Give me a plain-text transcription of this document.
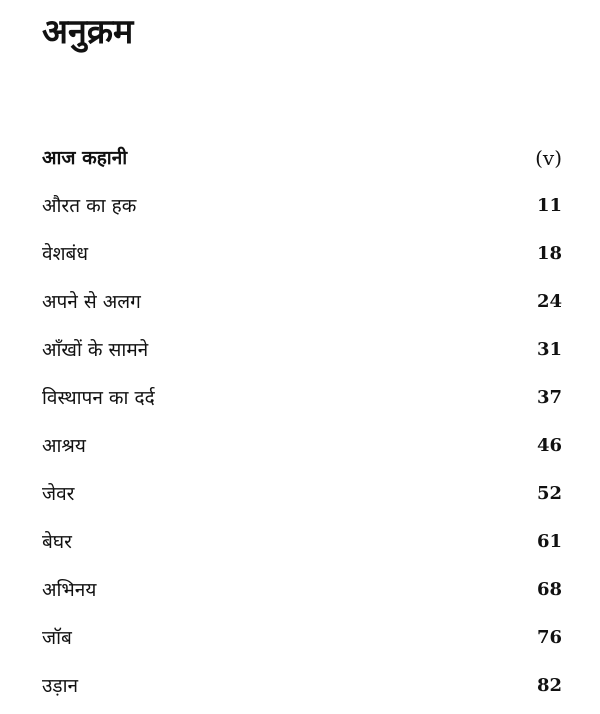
अनुक्रम
आज कहानी	(v)
औरत का हक	11
वेशबंध	18
अपने से अलग	24
आँखों के सामने	31
विस्थापन का दर्द	37
आश्रय	46
जेवर	52
बेघर	61
अभिनय	68
जॉब	76
उड़ान	82
